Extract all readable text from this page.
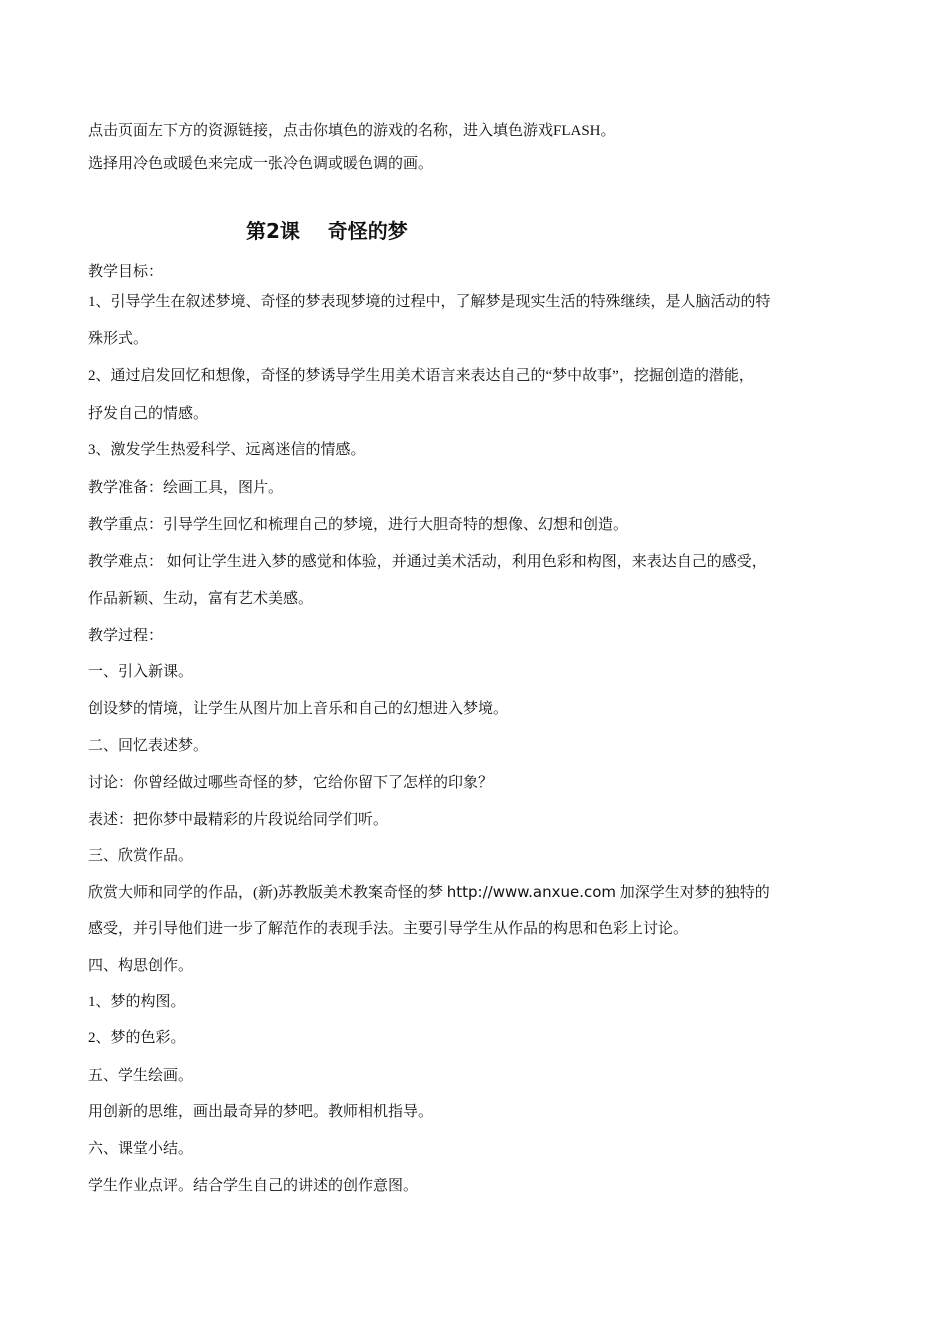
点击页面左下方的资源链接，点击你填色的游戏的名称，进入填色游戏FLASH。
选择用冷色或暖色来完成一张冷色调或暖色调的画。
第2课    奇怪的梦
教学目标：
1、引导学生在叙述梦境、奇怪的梦表现梦境的过程中，了解梦是现实生活的特殊继续，是人脑活动的特
殊形式。
2、通过启发回忆和想像，奇怪的梦诱导学生用美术语言来表达自己的“梦中故事”，挖掘创造的潜能，
抒发自己的情感。
3、激发学生热爱科学、远离迷信的情感。
教学准备：绘画工具，图片。
教学重点：引导学生回忆和梳理自己的梦境，进行大胆奇特的想像、幻想和创造。
教学难点： 如何让学生进入梦的感觉和体验，并通过美术活动，利用色彩和构图，来表达自己的感受，
作品新颖、生动，富有艺术美感。
教学过程：
一、引入新课。
创设梦的情境，让学生从图片加上音乐和自己的幻想进入梦境。
二、回忆表述梦。
讨论：你曾经做过哪些奇怪的梦，它给你留下了怎样的印象？
表述：把你梦中最精彩的片段说给同学们听。
三、欣赏作品。
欣赏大师和同学的作品，(新)苏教版美术教案奇怪的梦 http://www.anxue.com 加深学生对梦的独特的
感受，并引导他们进一步了解范作的表现手法。主要引导学生从作品的构思和色彩上讨论。
四、构思创作。
1、梦的构图。
2、梦的色彩。
五、学生绘画。
用创新的思维，画出最奇异的梦吧。教师相机指导。
六、课堂小结。
学生作业点评。结合学生自己的讲述的创作意图。
